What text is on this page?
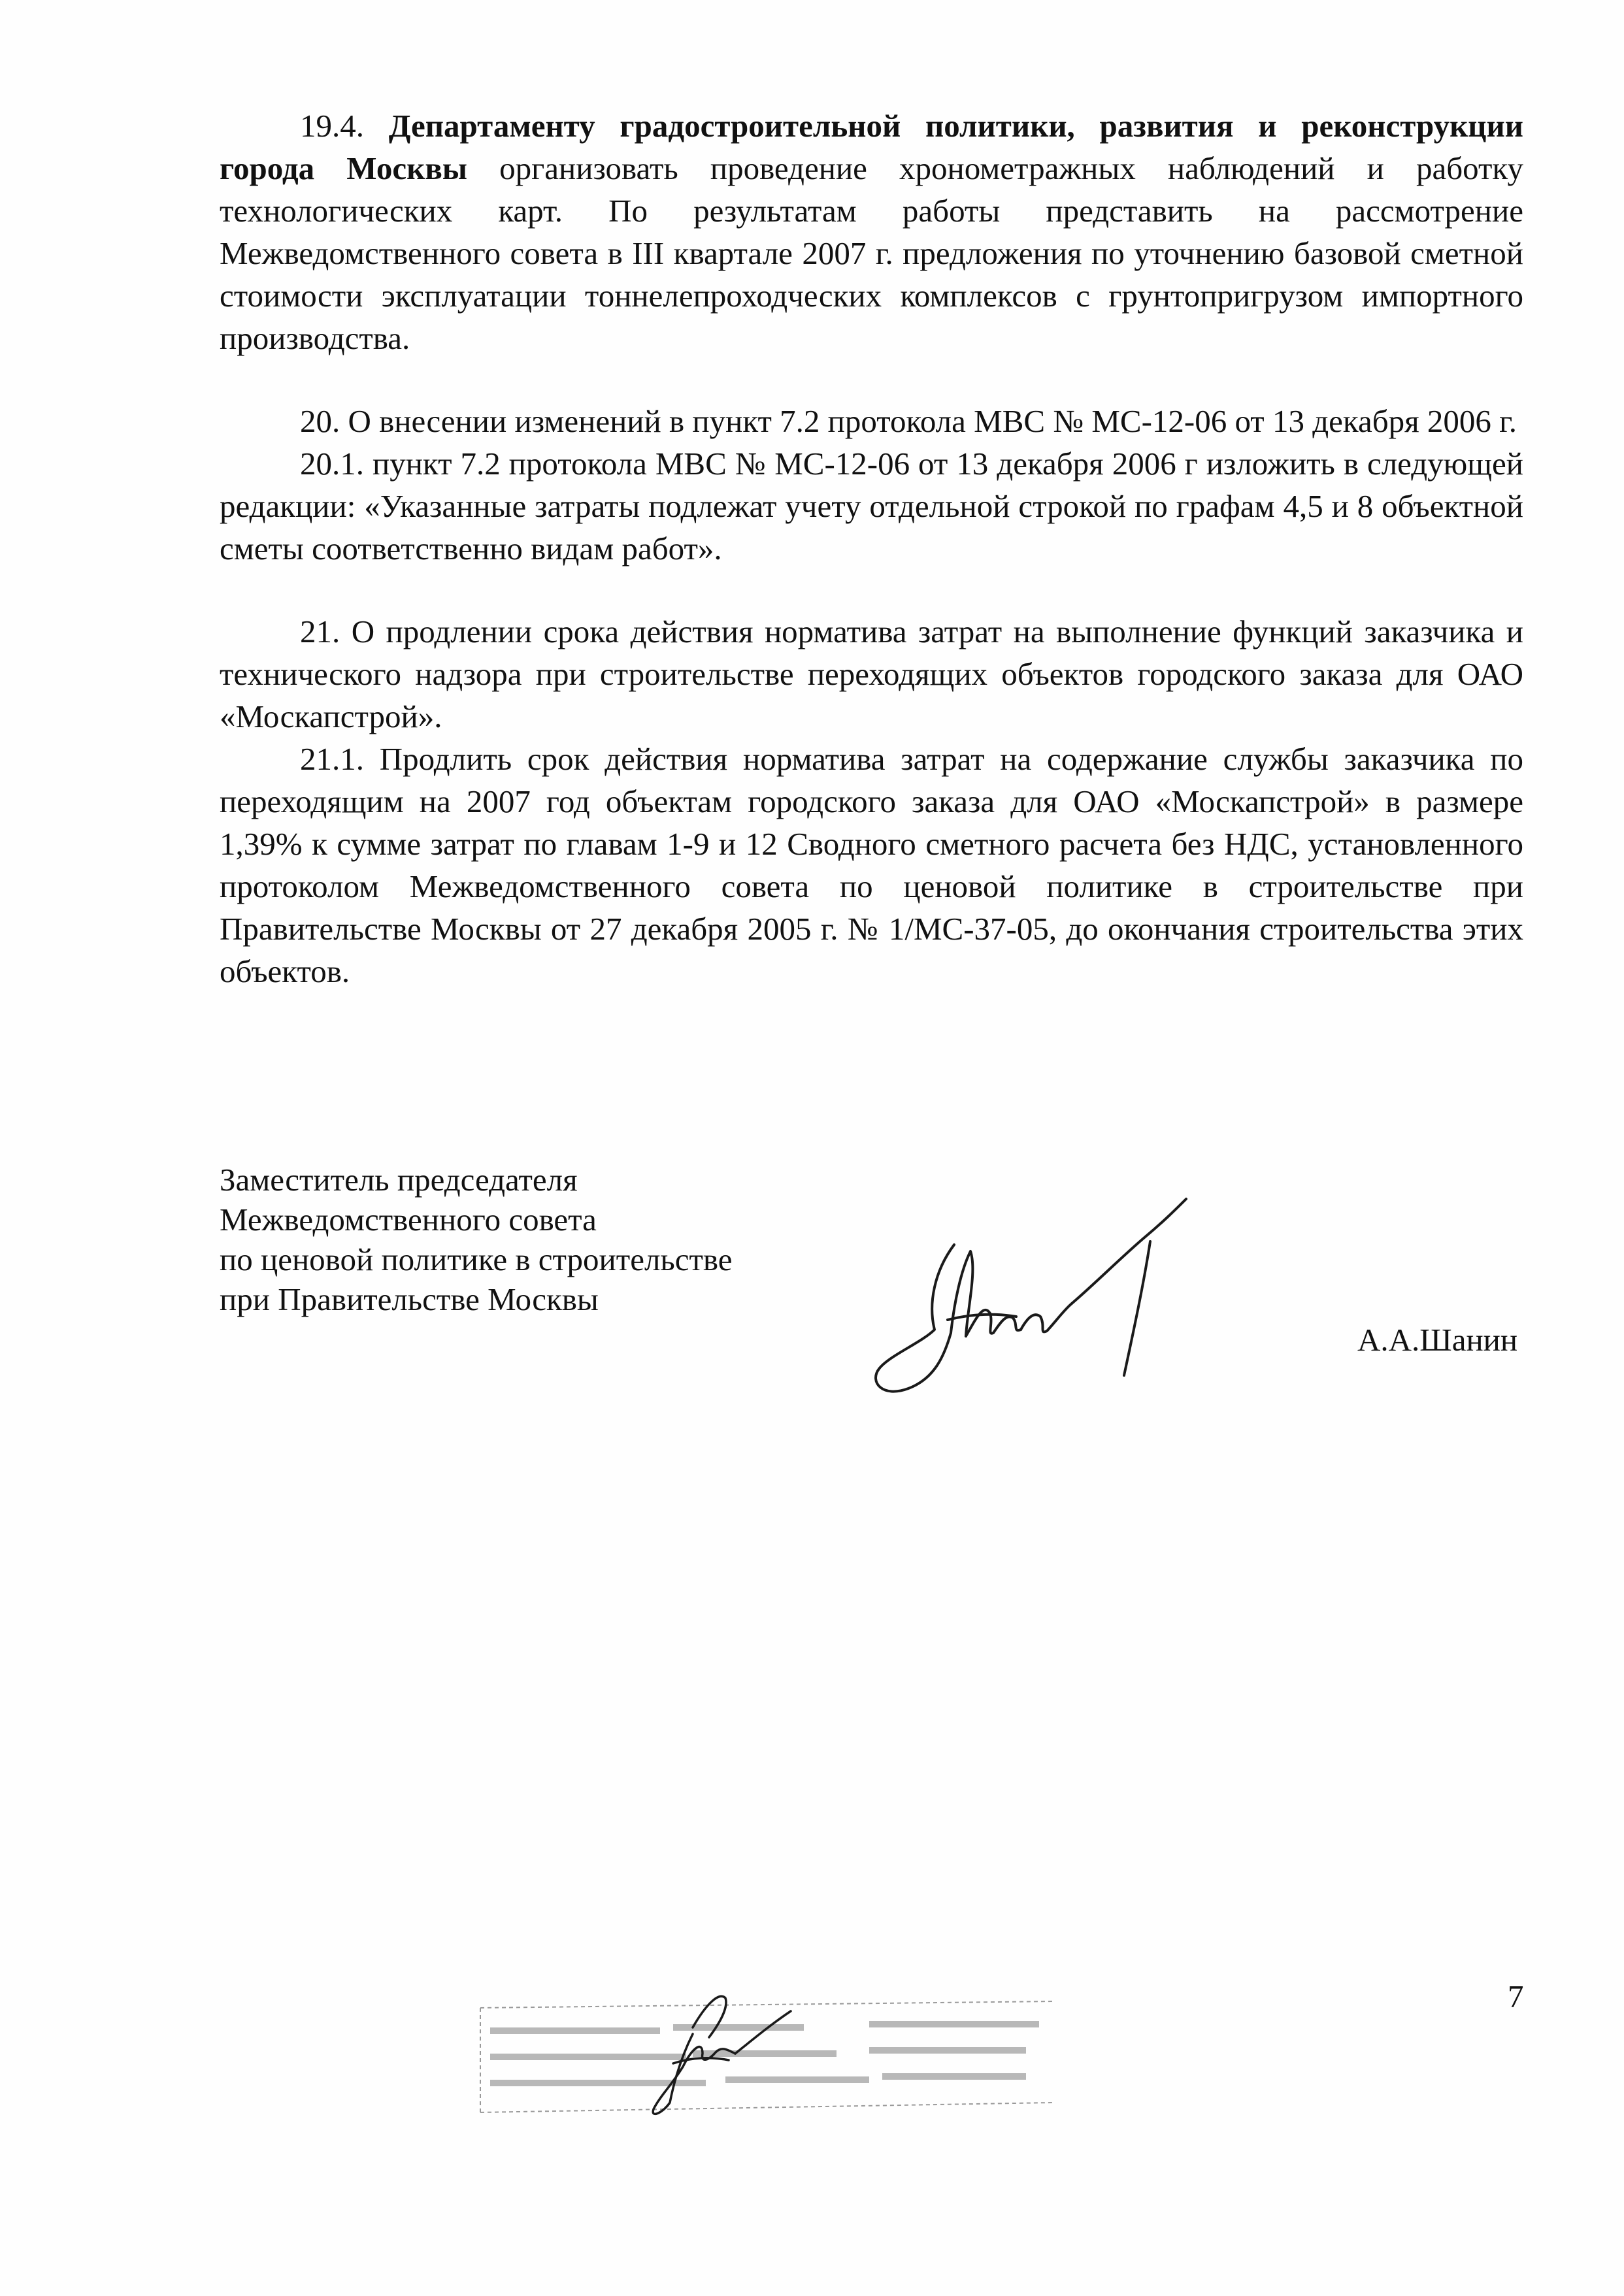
19.4. Департаменту градостроительной политики, развития и реконструкции города Москвы организовать проведение хронометражных наблюдений и работку технологических карт. По результатам работы представить на рассмотрение Межведомственного совета в III квартале 2007 г. предложения по уточнению базовой сметной стоимости эксплуатации тоннелепроходческих комплексов с грунтопригрузом импортного производства.

20. О внесении изменений в пункт 7.2 протокола МВС № МС-12-06 от 13 декабря 2006 г.

20.1. пункт 7.2 протокола МВС № МС-12-06 от 13 декабря 2006 г изложить в следующей редакции: «Указанные затраты подлежат учету отдельной строкой по графам 4,5 и 8 объектной сметы соответственно видам работ».

21. О продлении срока действия норматива затрат на выполнение функций заказчика и технического надзора при строительстве переходящих объектов городского заказа для ОАО «Москапстрой».

21.1. Продлить срок действия норматива затрат на содержание службы заказчика по переходящим на 2007 год объектам городского заказа для ОАО «Москапстрой» в размере 1,39% к сумме затрат по главам 1-9 и 12 Сводного сметного расчета без НДС, установленного протоколом Межведомственного совета по ценовой политике в строительстве при Правительстве Москвы от 27 декабря 2005 г. № 1/МС-37-05, до окончания строительства этих объектов.

Заместитель председателя
Межведомственного совета
по ценовой политике в строительстве
при Правительстве Москвы
А.А.Шанин
7
